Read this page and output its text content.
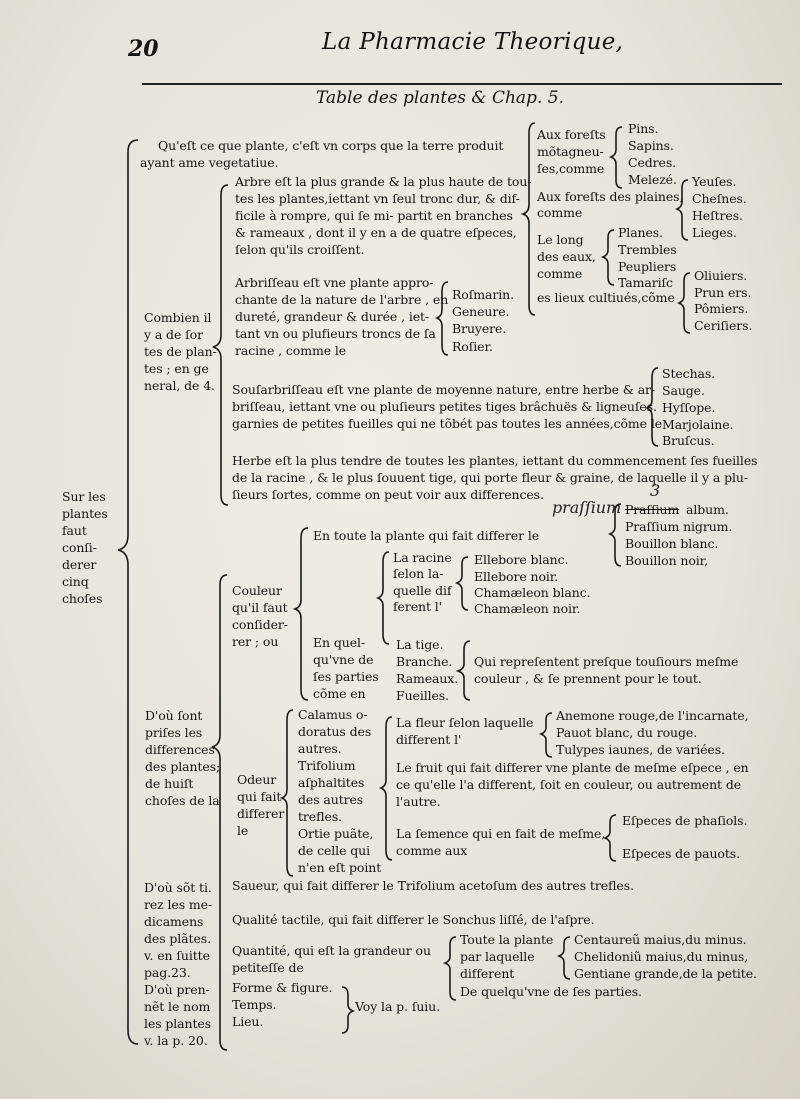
20	La Pharmacie Theorique,
Table des plantes & Chap. 5.
Qu'eſt ce que plante, c'eſt vn corps que la terre produit
ayant ame vegetatiue.
Aux foreſts
mõtagneu-
ſes,comme
Pins.
Sapins.
Cedres.
Melezé.
Arbre eſt la plus grande & la plus haute de tou-
tes les plantes,iettant vn ſeul tronc dur, & dif-
ficile à rompre, qui ſe mi- partit en branches
& rameaux , dont il y en a de quatre eſpeces,
ſelon qu'ils croiſſent.
Aux foreſts des plaines,
comme
Yeuſes.
Cheſnes.
Heſtres.
Lieges.
Le long
des eaux,
comme
Planes.
Trembles
Peupliers
Tamariſc
Arbriſſeau eſt vne plante appro-
chante de la nature de l'arbre , en
dureté, grandeur & durée , iet-
tant vn ou plufieurs troncs de ſa
racine , comme le
Roſmarin.
Geneure.
Bruyere.
Roſier.
es lieux cultiués,cõme
Oliuiers.
Prun ers.
Pômiers.
Ceriſiers.
Combien il
y a de ſor
tes de plan-
tes ; en ge
neral, de 4.
Stechas.
Sauge.
Hyſſope.
Marjolaine.
Bruſcus.
Souſarbriſſeau eſt vne plante de moyenne nature, entre herbe & ar-
briſſeau, iettant vne ou pluſieurs petites tiges brâchuës & ligneuſes.
garnies de petites fueilles qui ne tõbét pas toutes les années,cõme le
Herbe eſt la plus tendre de toutes les plantes, iettant du commencement ſes fueilles
de la racine , & le plus ſouuent tige, qui porte fleur & graine, de laquelle il y a plu-
ſieurs ſortes, comme on peut voir aux differences.
Sur les
plantes
faut
conſi-
derer
cinq
choſes
album.
Praſſium nigrum.
Bouillon blanc.
Bouillon noir,
En toute la plante qui fait differer le
La racine
ſelon la-
quelle dif
ferent l'
Ellebore blanc.
Ellebore noir.
Chamæleon blanc.
Chamæleon noir.
Couleur
qu'il faut
conſider-
rer ; ou	En quel-
qu'vne de
ſes parties
cõme en
La tige.
Branche.
Rameaux.
Fueilles.
Qui repreſentent preſque touſiours meſme
couleur , & ſe prennent pour le tout.
D'où ſont
priſes les
differences
des plantes;
de huiſt
choſes de la
Calamus o-
doratus des
autres.
Trifolium
aſphaltites
des autres
trefles.
Ortie puãte,
de celle qui
n'en eſt point
La fleur ſelon laquelle
different l'
Anemone rouge,de l'incarnate,
Pauot blanc, du rouge.
Tulypes iaunes, de variées.
Odeur
qui fait
differer
le
Le fruit qui fait differer vne plante de meſme eſpece , en
ce qu'elle l'a different, ſoit en couleur, ou autrement de
l'autre.
La ſemence qui en fait de meſme,
comme aux
Eſpeces de phaſiols.
Eſpeces de pauots.
D'où sõt ti.
rez les me-
dicamens
des plãtes.
v. en ſuitte
pag.23.
D'où pren-
nẽt le nom
les plantes
v. la p. 20.
Saueur, qui fait differer le Trifolium acetoſum des autres trefles.
Qualité tactile, qui fait differer le Sonchus liſſé, de l'aſpre.
Quantité, qui eſt la grandeur ou
petiteſſe de
Toute la plante
par laquelle
different
De quelqu'vne de ſes parties.
Centaureũ maius,du minus.
Chelidoniũ maius,du minus,
Gentiane grande,de la petite.
Forme & figure.
Temps.
Lieu.
Voy la p. ſuiu.
praſſium Praſſium
3
